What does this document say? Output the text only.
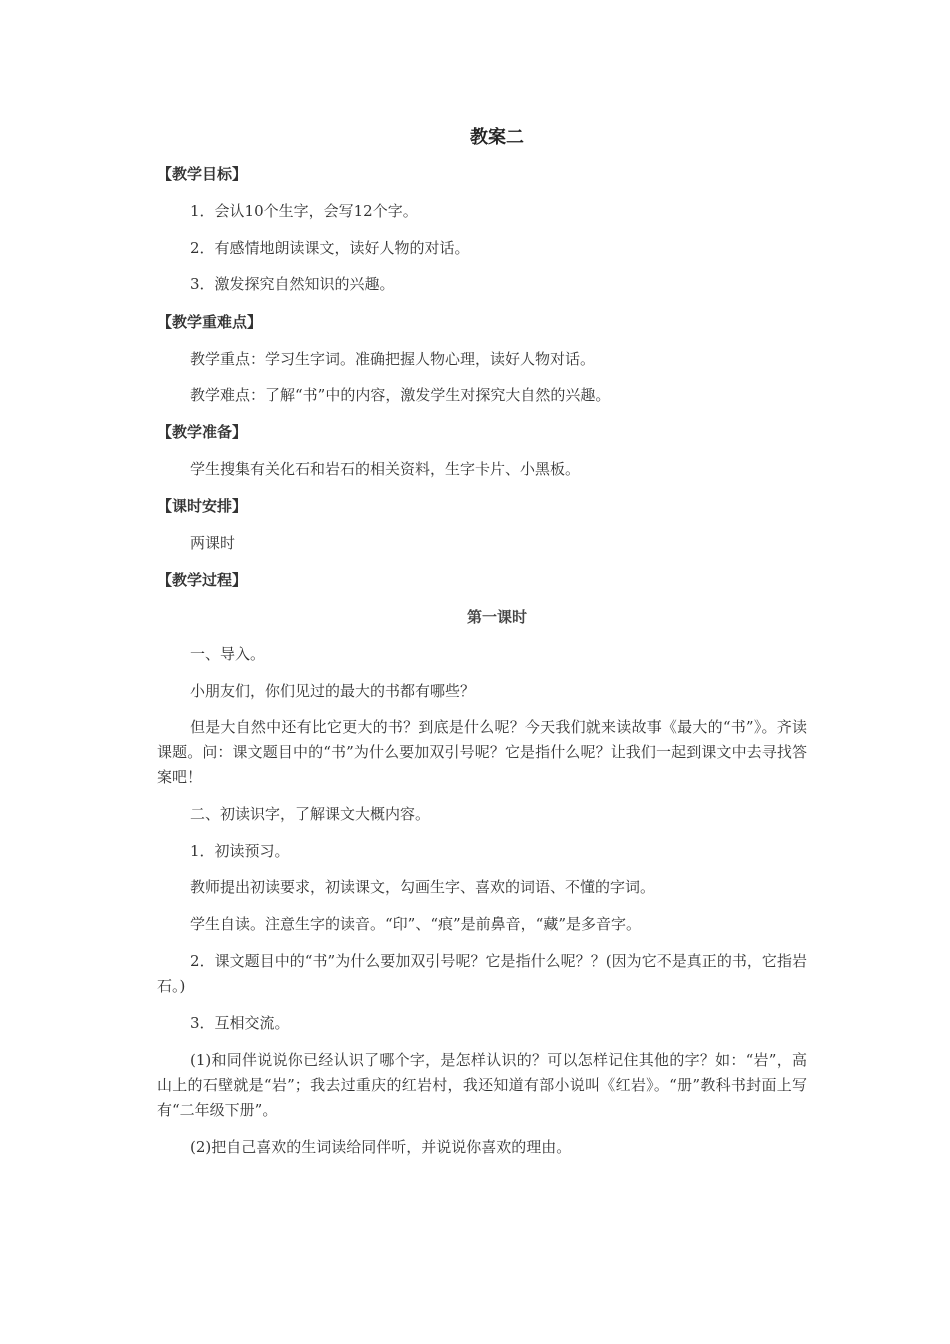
教案二
【教学目标】
1．会认10个生字，会写12个字。
2．有感情地朗读课文，读好人物的对话。
3．激发探究自然知识的兴趣。
【教学重难点】
教学重点：学习生字词。准确把握人物心理，读好人物对话。
教学难点：了解“书”中的内容，激发学生对探究大自然的兴趣。
【教学准备】
学生搜集有关化石和岩石的相关资料，生字卡片、小黑板。
【课时安排】
两课时
【教学过程】
第一课时
一、导入。
小朋友们，你们见过的最大的书都有哪些？
但是大自然中还有比它更大的书？到底是什么呢？今天我们就来读故事《最大的“书”》。齐读课题。问：课文题目中的“书”为什么要加双引号呢？它是指什么呢？让我们一起到课文中去寻找答案吧！
二、初读识字，了解课文大概内容。
1．初读预习。
教师提出初读要求，初读课文，勾画生字、喜欢的词语、不懂的字词。
学生自读。注意生字的读音。“印”、“痕”是前鼻音，“藏”是多音字。
2．课文题目中的“书”为什么要加双引号呢？它是指什么呢？？(因为它不是真正的书，它指岩石。)
3．互相交流。
(1)和同伴说说你已经认识了哪个字，是怎样认识的？可以怎样记住其他的字？如：“岩”，高山上的石壁就是“岩”；我去过重庆的红岩村，我还知道有部小说叫《红岩》。“册”教科书封面上写有“二年级下册”。
(2)把自己喜欢的生词读给同伴听，并说说你喜欢的理由。
